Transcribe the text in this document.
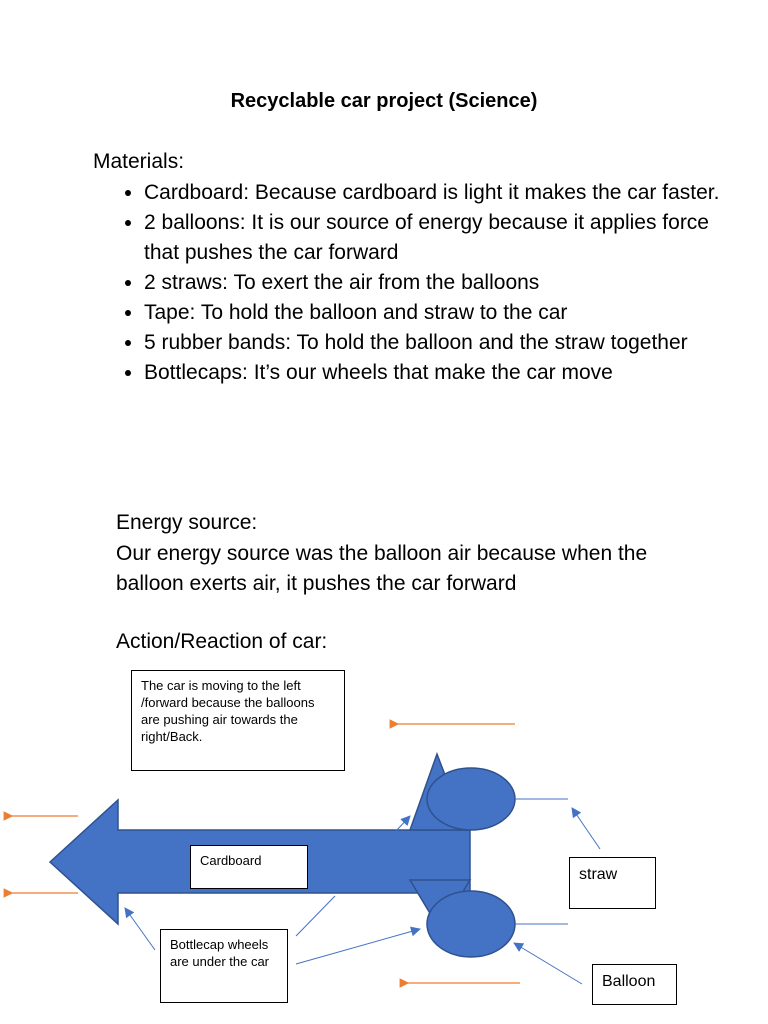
Recyclable car project (Science)
Materials:
• Cardboard: Because cardboard is light it makes the car faster.
• 2 balloons: It is our source of energy because it applies force that pushes the car forward
• 2 straws: To exert the air from the balloons
• Tape: To hold the balloon and straw to the car
• 5 rubber bands: To hold the balloon and the straw together
• Bottlecaps: It’s our wheels that make the car move
Energy source:
Our energy source was the balloon air because when the balloon exerts air, it pushes the car forward
Action/Reaction of car:
The car is moving to the left /forward because the balloons are pushing air towards the right/Back.
Cardboard
Bottlecap wheels are under the car
straw
Balloon
